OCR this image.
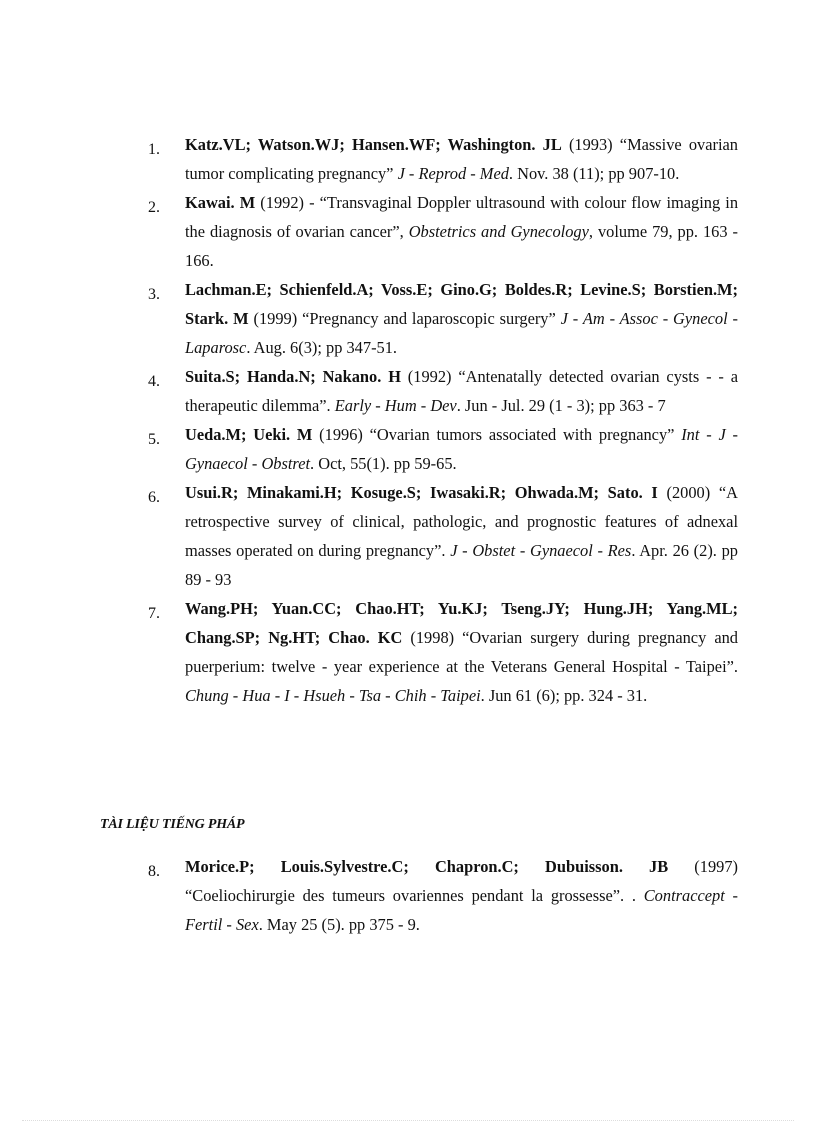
1. Katz.VL; Watson.WJ; Hansen.WF; Washington. JL (1993) “Massive ovarian tumor complicating pregnancy” J - Reprod - Med. Nov. 38 (11); pp 907-10.

2. Kawai. M (1992) - “Transvaginal Doppler ultrasound with colour flow imaging in the diagnosis of ovarian cancer”, Obstetrics and Gynecology, volume 79, pp. 163 - 166.

3. Lachman.E; Schienfeld.A; Voss.E; Gino.G; Boldes.R; Levine.S; Borstien.M; Stark. M (1999) “Pregnancy and laparoscopic surgery” J - Am - Assoc - Gynecol - Laparosc. Aug. 6(3); pp 347-51.

4. Suita.S; Handa.N; Nakano. H (1992) “Antenatally detected ovarian cysts - - a therapeutic dilemma”. Early - Hum - Dev. Jun - Jul. 29 (1 - 3); pp 363 - 7

5. Ueda.M; Ueki. M (1996) “Ovarian tumors associated with pregnancy” Int - J - Gynaecol - Obstret. Oct, 55(1). pp 59-65.

6. Usui.R; Minakami.H; Kosuge.S; Iwasaki.R; Ohwada.M; Sato. I (2000) “A retrospective survey of clinical, pathologic, and prognostic features of adnexal masses operated on during pregnancy”. J - Obstet - Gynaecol - Res. Apr. 26 (2). pp 89 - 93

7. Wang.PH; Yuan.CC; Chao.HT; Yu.KJ; Tseng.JY; Hung.JH; Yang.ML; Chang.SP; Ng.HT; Chao. KC (1998) “Ovarian surgery during pregnancy and puerperium: twelve - year experience at the Veterans General Hospital - Taipei”. Chung - Hua - I - Hsueh - Tsa - Chih - Taipei. Jun 61 (6); pp. 324 - 31.

TÀI LIỆU TIẾNG PHÁP

8. Morice.P; Louis.Sylvestre.C; Chapron.C; Dubuisson. JB (1997) “Coeliochirurgie des tumeurs ovariennes pendant la grossesse”. . Contraccept - Fertil - Sex. May 25 (5). pp 375 - 9.
